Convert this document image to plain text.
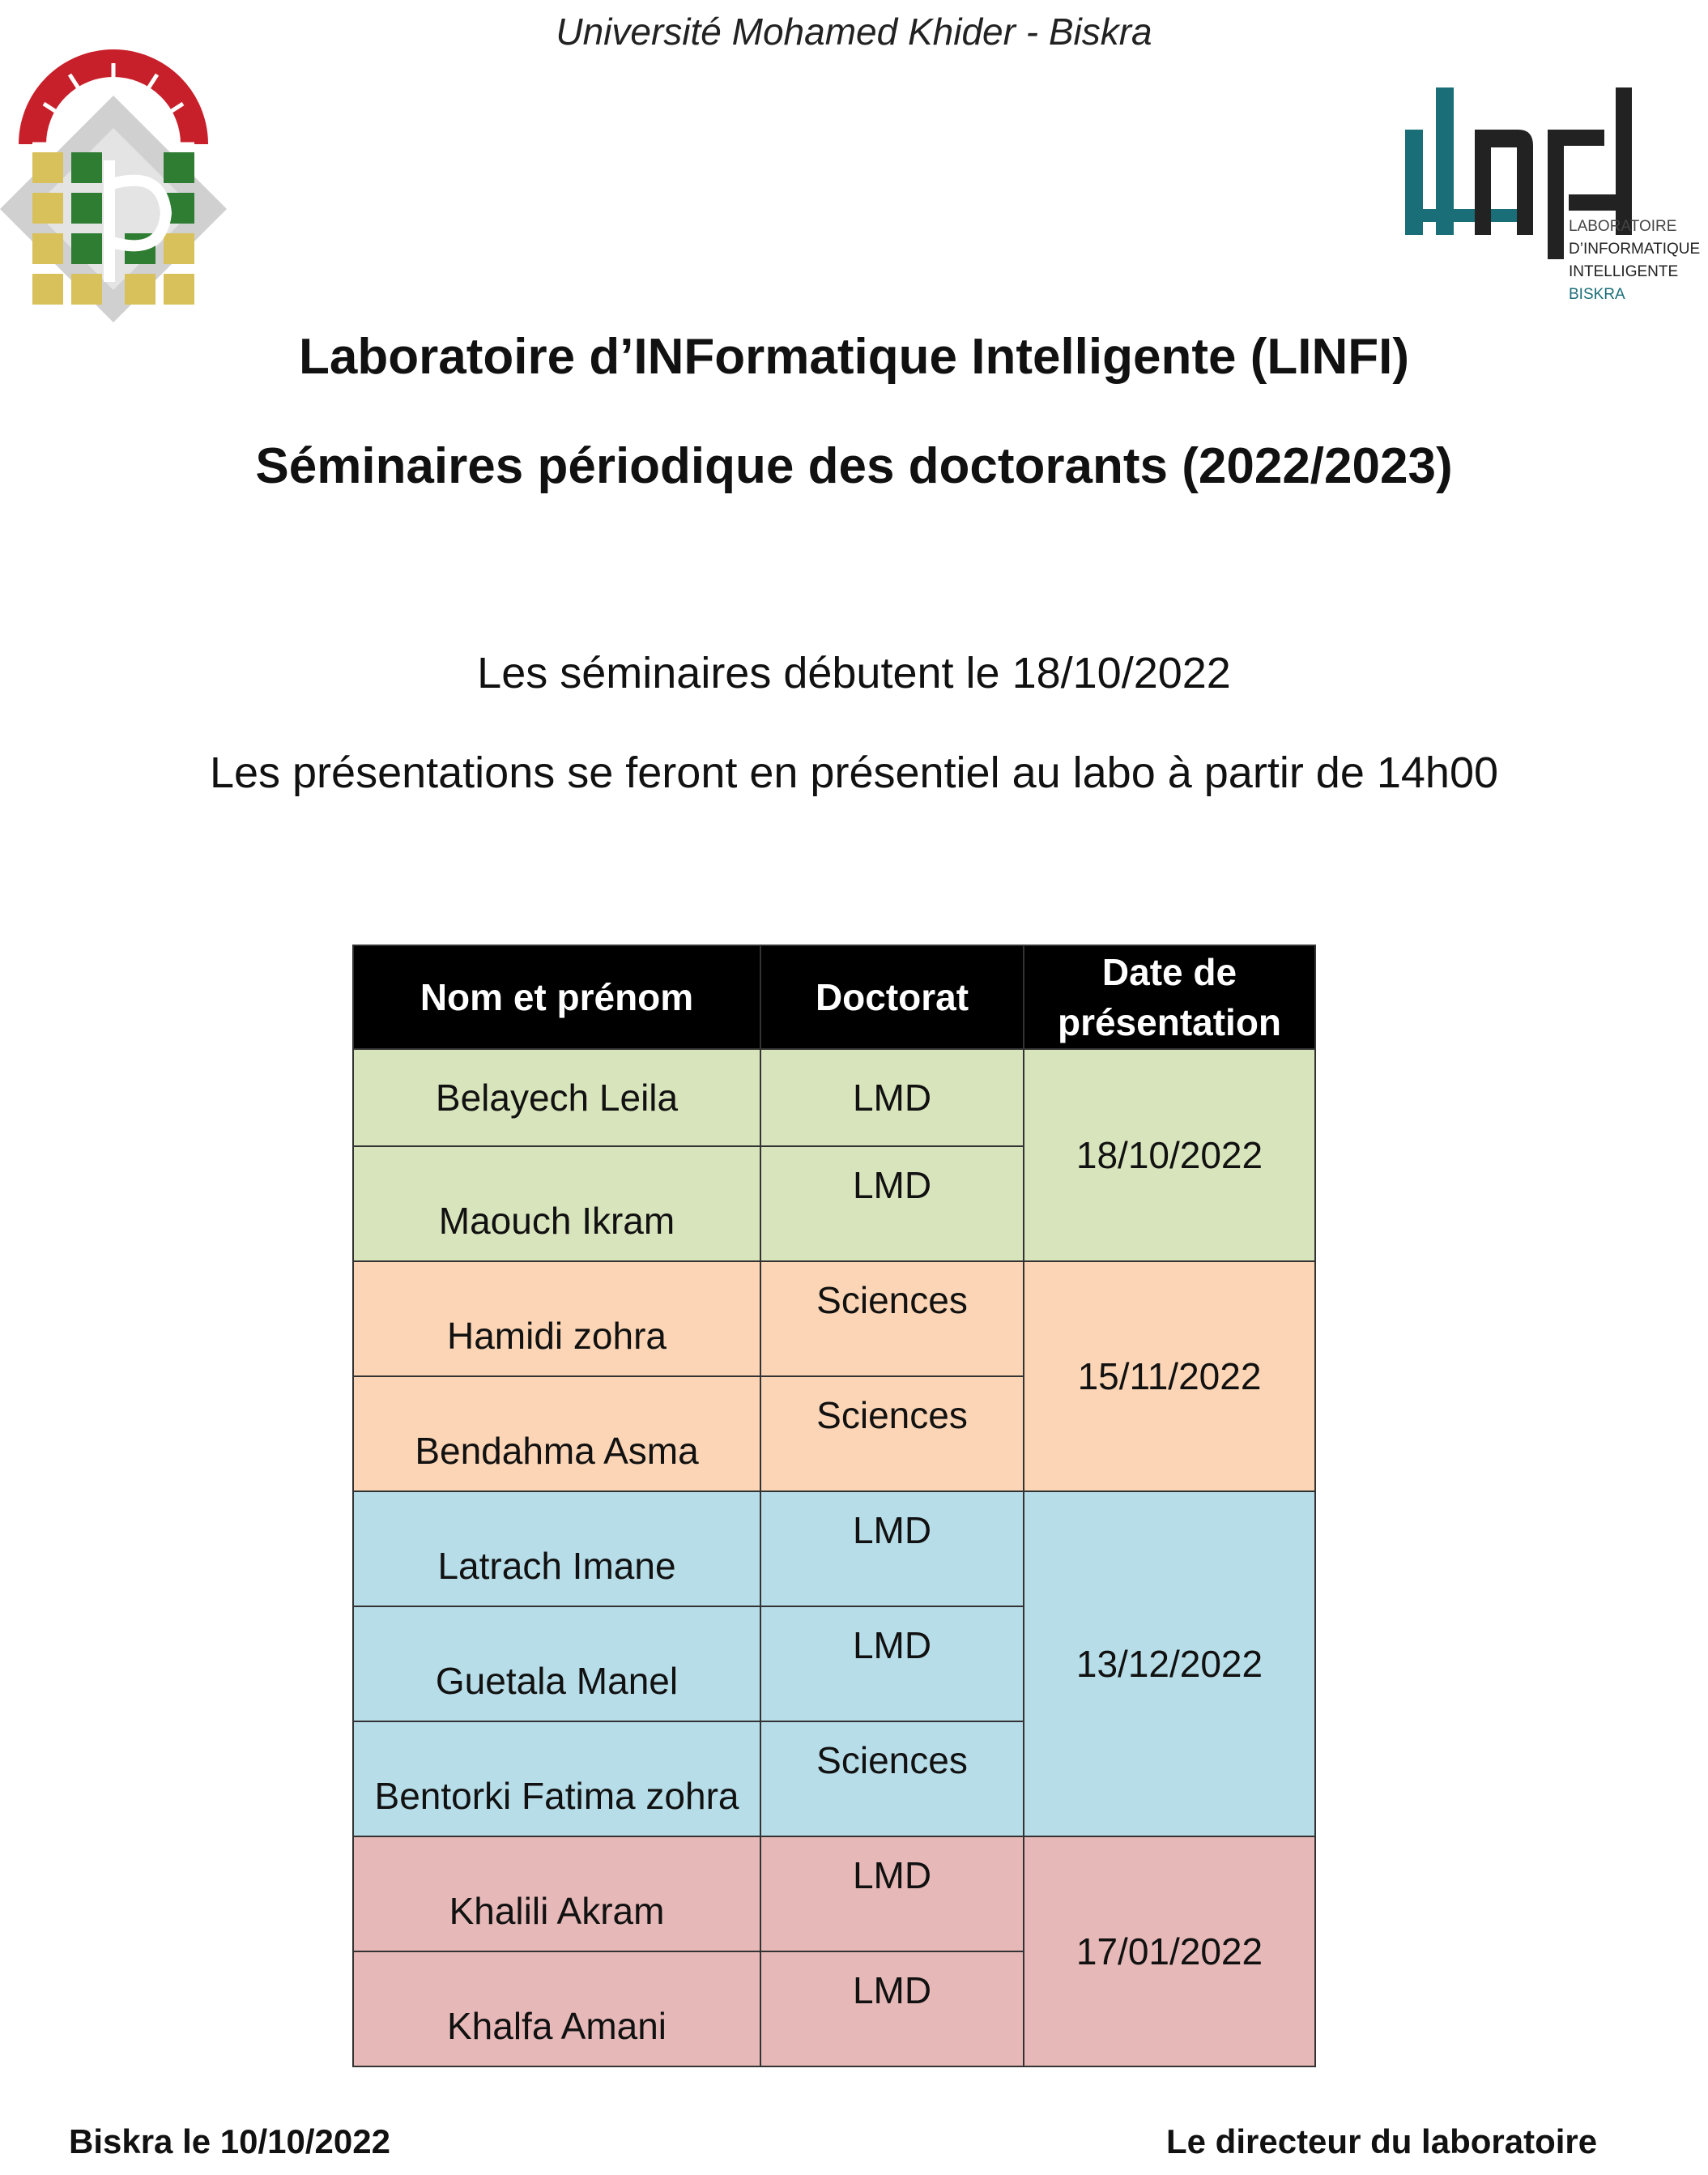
Université Mohamed Khider - Biskra
LABORATOIRE
D’INFORMATIQUE
INTELLIGENTE
BISKRA
Laboratoire d’INFormatique Intelligente (LINFI)
Séminaires périodique des doctorants (2022/2023)
Les séminaires débutent le 18/10/2022
Les présentations se feront en présentiel au labo à partir de 14h00
Nom et prénom	Doctorat	Date de
présentation
Belayech Leila	LMD	18/10/2022
Maouch Ikram	LMD	
Hamidi zohra	Sciences	15/11/2022
Bendahma Asma	Sciences	
Latrach Imane	LMD	13/12/2022
Guetala Manel	LMD	
Bentorki Fatima zohra	Sciences	
Khalili Akram	LMD	17/01/2022
Khalfa Amani	LMD	
Biskra le 10/10/2022	Le directeur du laboratoire
